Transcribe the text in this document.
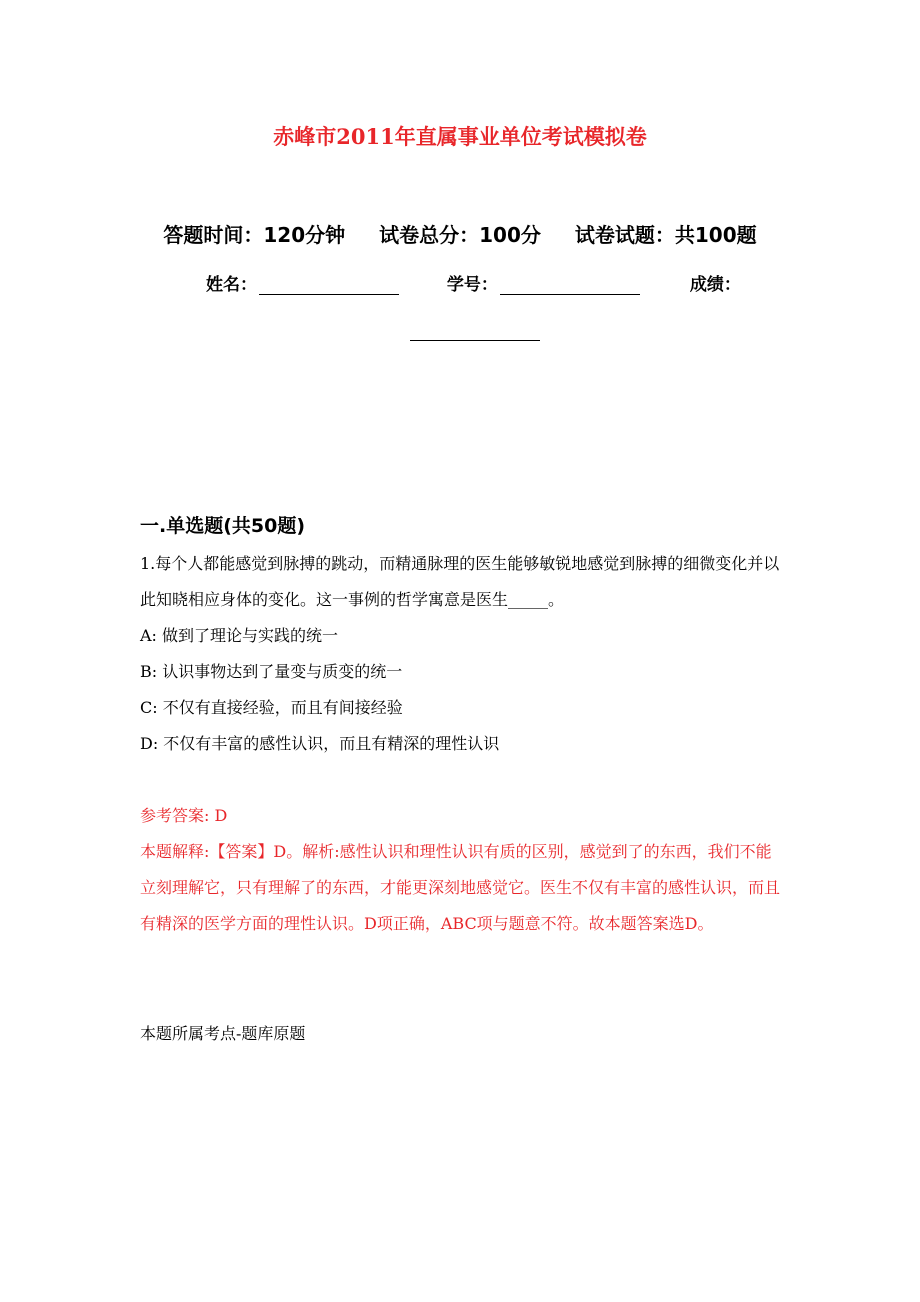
赤峰市2011年直属事业单位考试模拟卷
答题时间：120分钟 试卷总分：100分 试卷试题：共100题
姓名：	学号：	成绩：
一.单选题(共50题)
1.每个人都能感觉到脉搏的跳动，而精通脉理的医生能够敏锐地感觉到脉搏的细微变化并以此知晓相应身体的变化。这一事例的哲学寓意是医生_____。
A: 做到了理论与实践的统一
B: 认识事物达到了量变与质变的统一
C: 不仅有直接经验，而且有间接经验
D: 不仅有丰富的感性认识，而且有精深的理性认识
参考答案: D
本题解释:【答案】D。解析:感性认识和理性认识有质的区别，感觉到了的东西，我们不能立刻理解它，只有理解了的东西，才能更深刻地感觉它。医生不仅有丰富的感性认识，而且有精深的医学方面的理性认识。D项正确，ABC项与题意不符。故本题答案选D。
本题所属考点-题库原题
